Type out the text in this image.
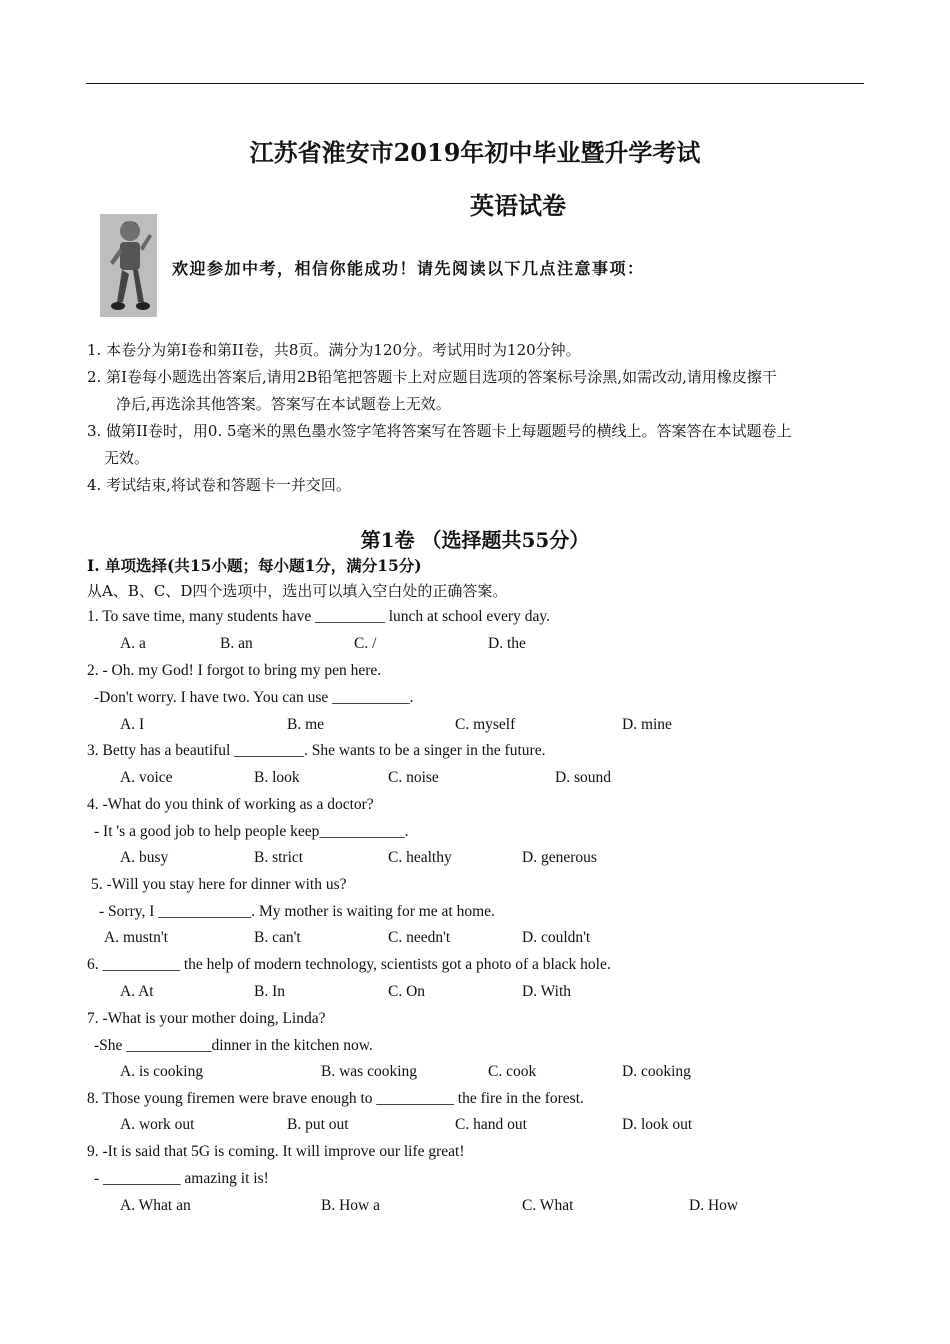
江苏省淮安市2019年初中毕业暨升学考试
英语试卷
欢迎参加中考，相信你能成功！请先阅读以下几点注意事项：
1. 本卷分为第I卷和第II卷，共8页。满分为120分。考试用时为120分钟。
2. 第I卷每小题选出答案后,请用2B铅笔把答题卡上对应题目选项的答案标号涂黑,如需改动,请用橡皮擦干
净后,再选涂其他答案。答案写在本试题卷上无效。
3. 做第II卷时，用0. 5毫米的黑色墨水签字笔将答案写在答题卡上每题题号的横线上。答案答在本试题卷上
无效。
4. 考试结束,将试卷和答题卡一并交回。
第1卷 （选择题共55分）
I. 单项选择(共15小题；每小题1分，满分15分)
从A、B、C、D四个选项中，选出可以填入空白处的正确答案。
1. To save time, many students have _________ lunch at school every day.
A. a	B. an	C. /	D. the
2. - Oh. my God! I forgot to bring my pen here.
-Don't worry. I have two. You can use __________.
A. I	B. me	C. myself	D. mine
3. Betty has a beautiful _________. She wants to be a singer in the future.
A. voice	B. look	C. noise	D. sound
4. -What do you think of working as a doctor?
- It 's a good job to help people keep___________.
A. busy	B. strict	C. healthy	D. generous
5. -Will you stay here for dinner with us?
- Sorry, I ____________. My mother is waiting for me at home.
A. mustn't	B. can't	C. needn't	D. couldn't
6. __________ the help of modern technology, scientists got a photo of a black hole.
A. At	B. In	C. On	D. With
7. -What is your mother doing, Linda?
-She ___________dinner in the kitchen now.
A. is cooking	B. was cooking	C. cook	D. cooking
8. Those young firemen were brave enough to __________ the fire in the forest.
A. work out	B. put out	C. hand out	D. look out
9. -It is said that 5G is coming. It will improve our life great!
- __________ amazing it is!
A. What an	B. How a	C. What	D. How
